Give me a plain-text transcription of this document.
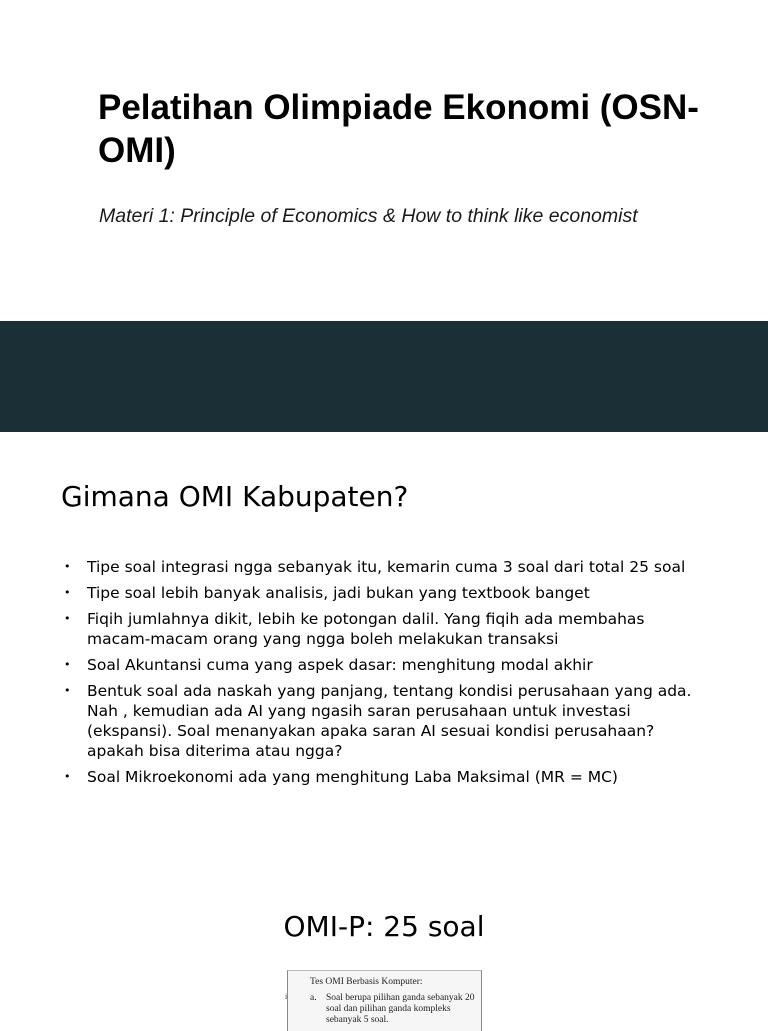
Pelatihan Olimpiade Ekonomi (OSN-OMI)

Materi 1: Principle of Economics & How to think like economist

Gimana OMI Kabupaten?
• Tipe soal integrasi ngga sebanyak itu, kemarin cuma 3 soal dari total 25 soal
• Tipe soal lebih banyak analisis, jadi bukan yang textbook banget
• Fiqih jumlahnya dikit, lebih ke potongan dalil. Yang fiqih ada membahas macam-macam orang yang ngga boleh melakukan transaksi
• Soal Akuntansi cuma yang aspek dasar: menghitung modal akhir
• Bentuk soal ada naskah yang panjang, tentang kondisi perusahaan yang ada. Nah , kemudian ada AI yang ngasih saran perusahaan untuk investasi (ekspansi). Soal menanyakan apaka saran AI sesuai kondisi perusahaan? apakah bisa diterima atau ngga?
• Soal Mikroekonomi ada yang menghitung Laba Maksimal (MR = MC)
OMI-P: 25 soal
i
Tes OMI Berbasis Komputer:
a. Soal berupa pilihan ganda sebanyak 20 soal dan pilihan ganda kompleks sebanyak 5 soal.
